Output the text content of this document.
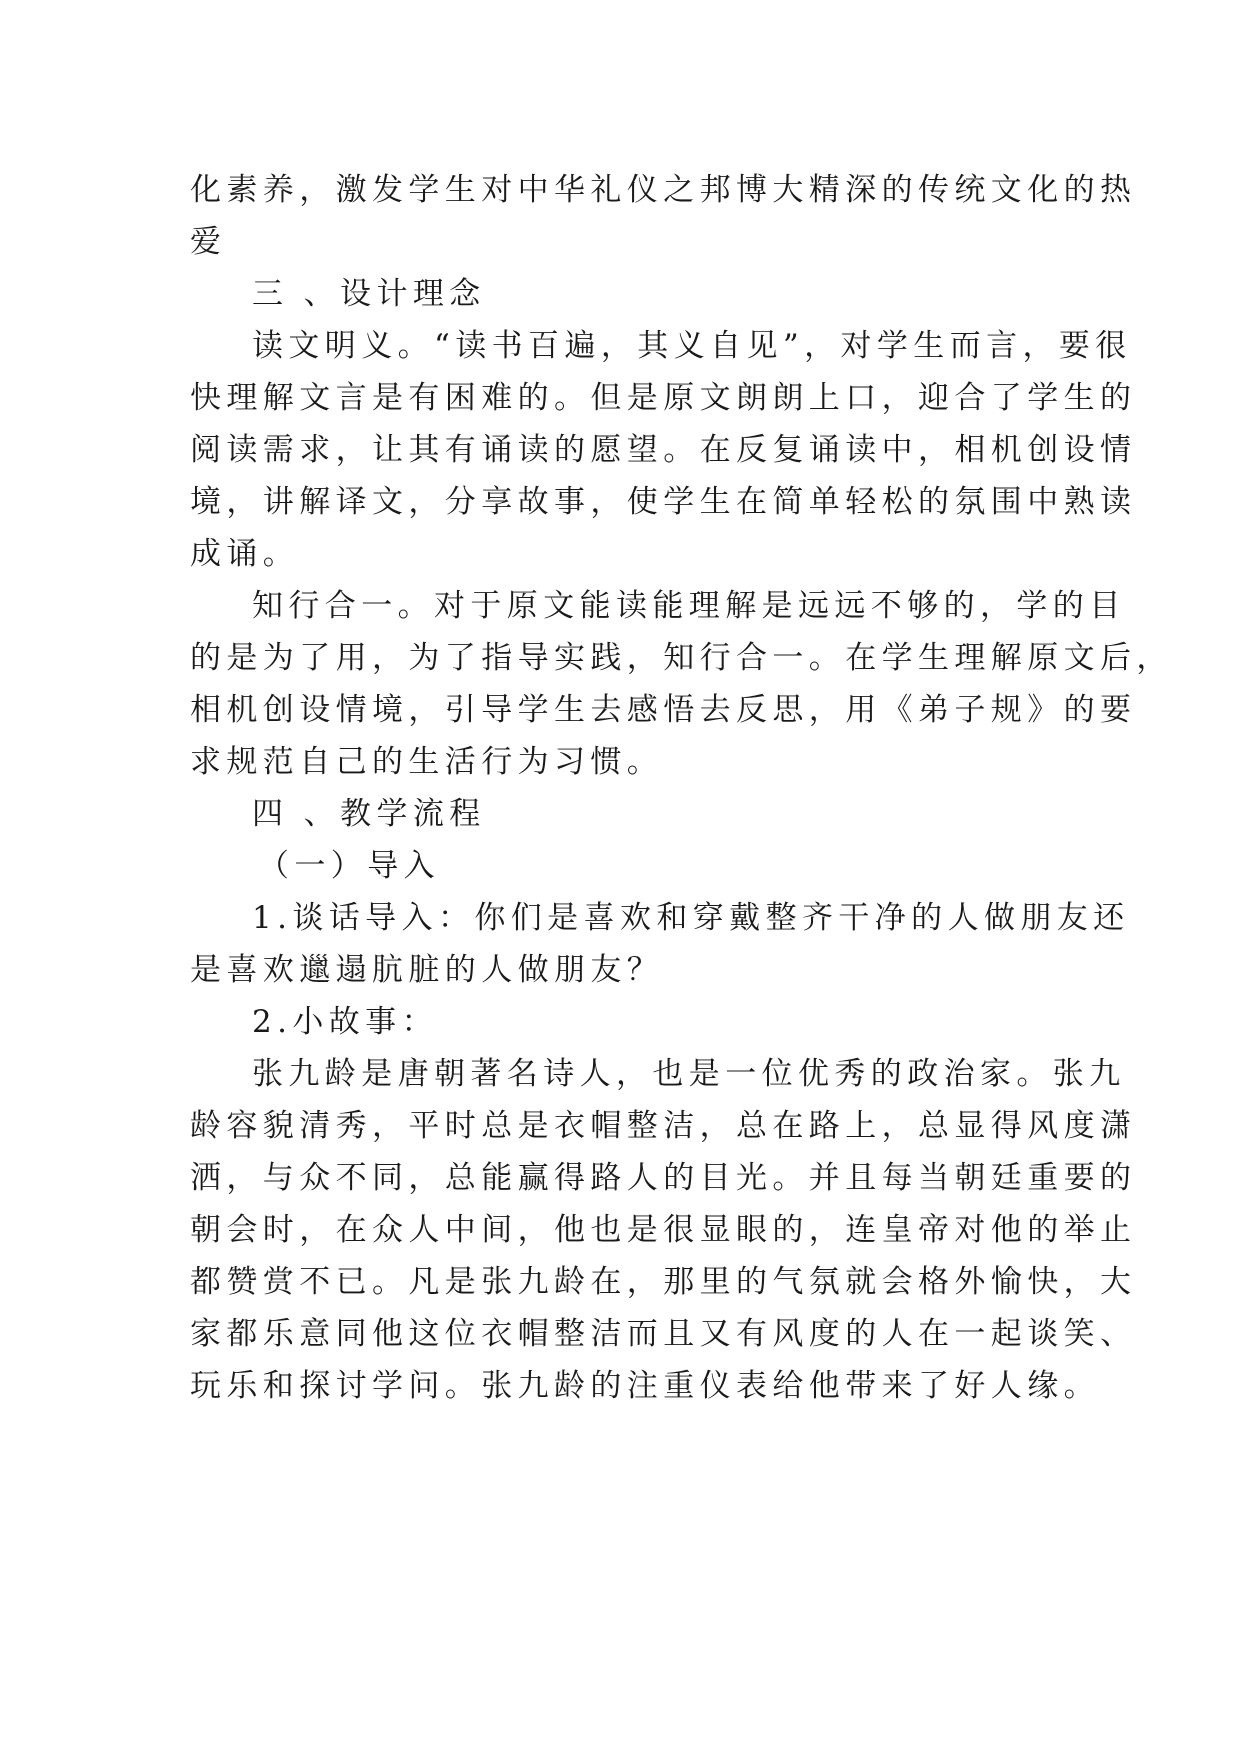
化素养，激发学生对中华礼仪之邦博大精深的传统文化的热
爱
三 、设计理念
读文明义。“读书百遍，其义自见”，对学生而言，要很
快理解文言是有困难的。但是原文朗朗上口，迎合了学生的
阅读需求，让其有诵读的愿望。在反复诵读中，相机创设情
境，讲解译文，分享故事，使学生在简单轻松的氛围中熟读
成诵。
知行合一。对于原文能读能理解是远远不够的，学的目
的是为了用，为了指导实践，知行合一。在学生理解原文后，
相机创设情境，引导学生去感悟去反思，用《弟子规》的要
求规范自己的生活行为习惯。
四 、教学流程
（一）导入
1.谈话导入：你们是喜欢和穿戴整齐干净的人做朋友还
是喜欢邋遢肮脏的人做朋友？
2.小故事：
张九龄是唐朝著名诗人，也是一位优秀的政治家。张九
龄容貌清秀，平时总是衣帽整洁，总在路上，总显得风度潇
洒，与众不同，总能赢得路人的目光。并且每当朝廷重要的
朝会时，在众人中间，他也是很显眼的，连皇帝对他的举止
都赞赏不已。凡是张九龄在，那里的气氛就会格外愉快，大
家都乐意同他这位衣帽整洁而且又有风度的人在一起谈笑、
玩乐和探讨学问。张九龄的注重仪表给他带来了好人缘。
